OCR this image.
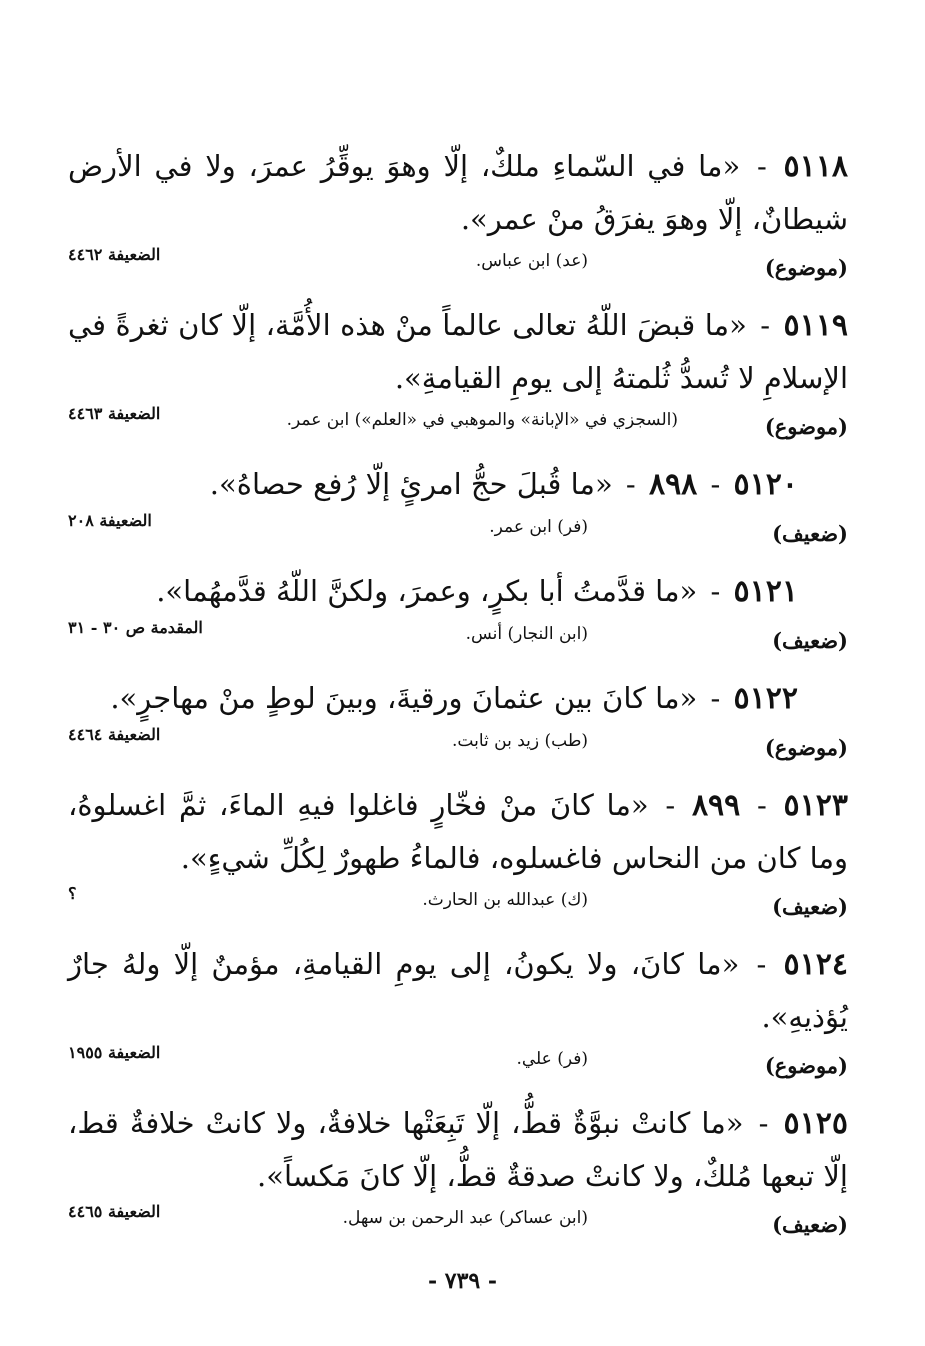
٥١١٨ - «ما في السّماءِ ملكٌ، إلّا وهوَ يوقِّرُ عمرَ، ولا في الأرض شيطانٌ، إلّا وهوَ يفرَقُ منْ عمر».

(موضوع)
(عد) ابن عباس.
الضعيفة ٤٤٦٢

٥١١٩ - «ما قبضَ اللّهُ تعالى عالماً منْ هذه الأُمَّة، إلّا كان ثغرةً في الإسلامِ لا تُسدُّ ثُلمتهُ إلى يومِ القيامةِ».

(موضوع)
(السجزي في «الإبانة» والموهبي في «العلم») ابن عمر.
الضعيفة ٤٤٦٣

٥١٢٠ - ٨٩٨ - «ما قُبلَ حجُّ امرئٍ إلّا رُفع حصاهُ».

(ضعيف)
(فر) ابن عمر.
الضعيفة ٢٠٨

٥١٢١ - «ما قدَّمتُ أبا بكرٍ، وعمرَ، ولكنَّ اللّهُ قدَّمهُما».

(ضعيف)
(ابن النجار) أنس.
المقدمة ص ٣٠ - ٣١

٥١٢٢ - «ما كانَ بين عثمانَ ورقيةَ، وبينَ لوطٍ منْ مهاجرٍ».

(موضوع)
(طب) زيد بن ثابت.
الضعيفة ٤٤٦٤

٥١٢٣ - ٨٩٩ - «ما كانَ منْ فخّارٍ فاغلوا فيهِ الماءَ، ثمَّ اغسلوهُ، وما كان من النحاس فاغسلوه، فالماءُ طهورٌ لِكُلِّ شيءٍ».

(ضعيف)
(ك) عبدالله بن الحارث.
؟

٥١٢٤ - «ما كانَ، ولا يكونُ، إلى يومِ القيامةِ، مؤمنٌ إلّا ولهُ جارٌ يُؤذيهِ».

(موضوع)
(فر) علي.
الضعيفة ١٩٥٥

٥١٢٥ - «ما كانتْ نبوَّةٌ قطُّ، إلّا تَبِعَتْها خلافةٌ، ولا كانتْ خلافةٌ قط، إلّا تبعها مُلكٌ، ولا كانتْ صدقةٌ قطُّ، إلّا كانَ مَكساً».

(ضعيف)
(ابن عساكر) عبد الرحمن بن سهل.
الضعيفة ٤٤٦٥
- ٧٣٩ -
